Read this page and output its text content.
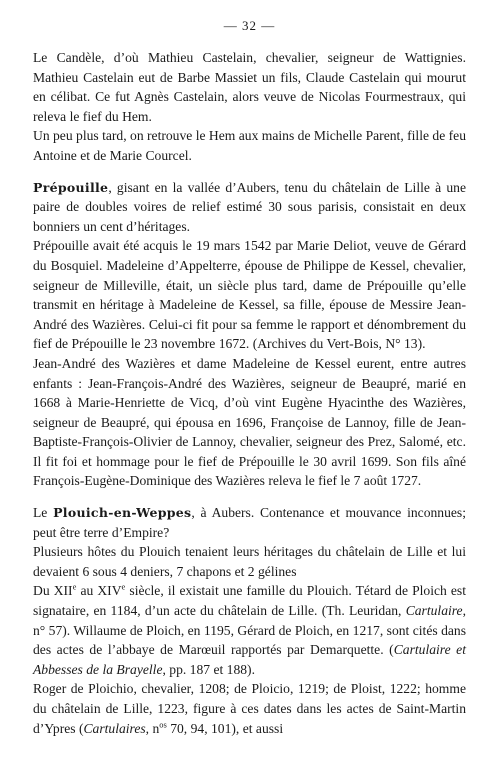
— 32 —

Le Candèle, d’où Mathieu Castelain, chevalier, seigneur de Wattignies. Mathieu Castelain eut de Barbe Massiet un fils, Claude Castelain qui mourut en célibat. Ce fut Agnès Castelain, alors veuve de Nicolas Fourmestraux, qui releva le fief du Hem.

Un peu plus tard, on retrouve le Hem aux mains de Michelle Parent, fille de feu Antoine et de Marie Courcel.

Prépouille, gisant en la vallée d’Aubers, tenu du châtelain de Lille à une paire de doubles voires de relief estimé 30 sous parisis, consistait en deux bonniers un cent d’héritages.

Prépouille avait été acquis le 19 mars 1542 par Marie Deliot, veuve de Gérard du Bosquiel. Madeleine d’Appelterre, épouse de Philippe de Kessel, chevalier, seigneur de Milleville, était, un siècle plus tard, dame de Prépouille qu’elle transmit en héritage à Madeleine de Kessel, sa fille, épouse de Messire Jean-André des Wazières. Celui-ci fit pour sa femme le rapport et dénombrement du fief de Prépouille le 23 novembre 1672. (Archives du Vert-Bois, N° 13).

Jean-André des Wazières et dame Madeleine de Kessel eurent, entre autres enfants : Jean-François-André des Wazières, seigneur de Beaupré, marié en 1668 à Marie-Henriette de Vicq, d’où vint Eugène Hyacinthe des Wazières, seigneur de Beaupré, qui épousa en 1696, Françoise de Lannoy, fille de Jean-Baptiste-François-Olivier de Lannoy, chevalier, seigneur des Prez, Salomé, etc. Il fit foi et hommage pour le fief de Prépouille le 30 avril 1699. Son fils aîné François-Eugène-Dominique des Wazières releva le fief le 7 août 1727.

Le Plouich-en-Weppes, à Aubers. Contenance et mouvance inconnues; peut être terre d’Empire?

Plusieurs hôtes du Plouich tenaient leurs héritages du châtelain de Lille et lui devaient 6 sous 4 deniers, 7 chapons et 2 gélines

Du XIIe au XIVe siècle, il existait une famille du Plouich. Tétard de Ploich est signataire, en 1184, d’un acte du châtelain de Lille. (Th. Leuridan, Cartulaire, n° 57). Willaume de Ploich, en 1195, Gérard de Ploich, en 1217, sont cités dans des actes de l’abbaye de Marœuil rapportés par Demarquette. (Cartulaire et Abbesses de la Brayelle, pp. 187 et 188).

Roger de Ploichio, chevalier, 1208; de Ploicio, 1219; de Ploist, 1222; homme du châtelain de Lille, 1223, figure à ces dates dans les actes de Saint-Martin d’Ypres (Cartulaires, $n^{os}$ 70, 94, 101), et aussi
